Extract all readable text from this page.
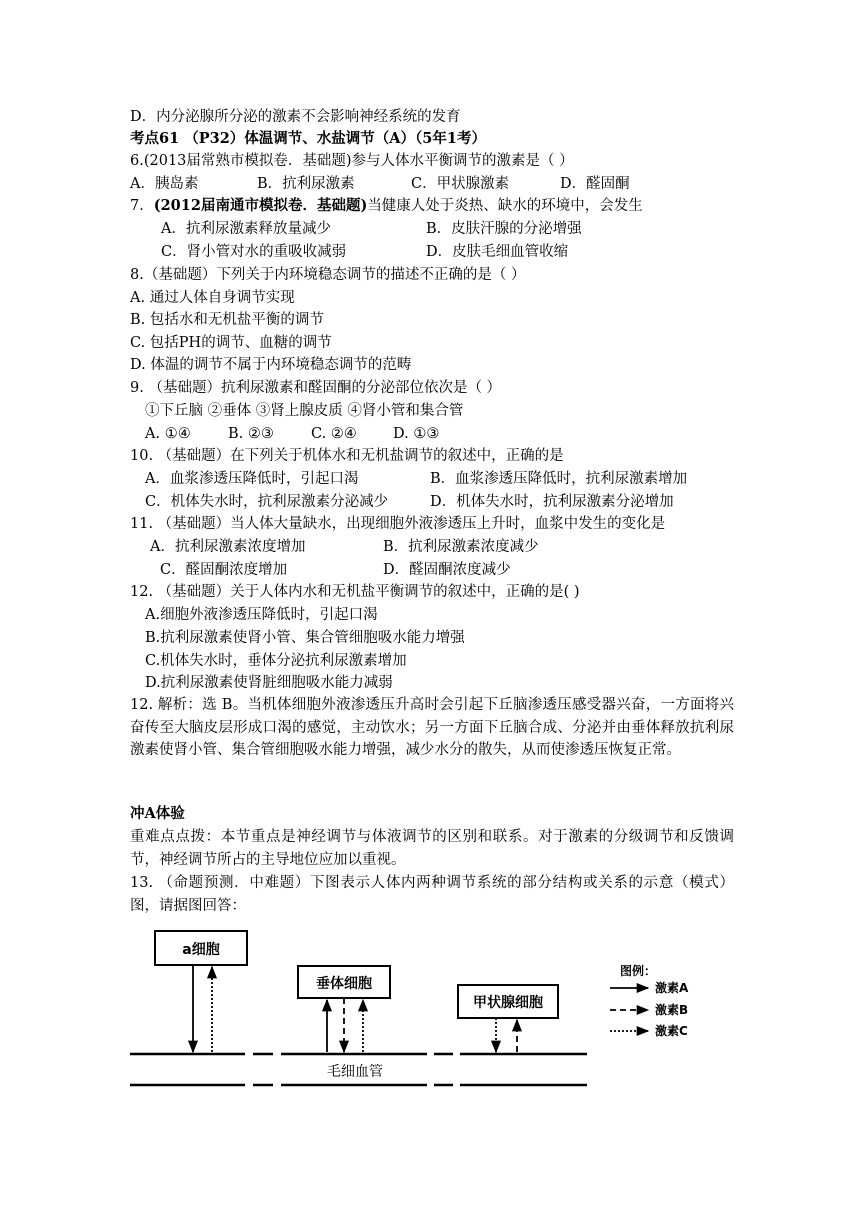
D．内分泌腺所分泌的激素不会影响神经系统的发育
考点61 （P32）体温调节、水盐调节（A）（5年1考）
6.(2013届常熟市模拟卷．基础题)参与人体水平衡调节的激素是（ ）
A．胰岛素	B．抗利尿激素	C．甲状腺激素	D．醛固酮
7．(2012届南通市模拟卷．基础题)当健康人处于炎热、缺水的环境中，会发生
A．抗利尿激素释放量减少	B．皮肤汗腺的分泌增强
C．肾小管对水的重吸收减弱	D．皮肤毛细血管收缩
8.（基础题）下列关于内环境稳态调节的描述不正确的是（ ）
A. 通过人体自身调节实现
B. 包括水和无机盐平衡的调节
C. 包括PH的调节、血糖的调节
D. 体温的调节不属于内环境稳态调节的范畴
9. （基础题）抗利尿激素和醛固酮的分泌部位依次是（ ）
①下丘脑 ②垂体 ③肾上腺皮质 ④肾小管和集合管
A. ①④	B. ②③	C. ②④ D. ①③
10. （基础题）在下列关于机体水和无机盐调节的叙述中，正确的是
A．血浆渗透压降低时，引起口渴	B．血浆渗透压降低时，抗利尿激素增加
C．机体失水时，抗利尿激素分泌减少	D．机体失水时，抗利尿激素分泌增加
11. （基础题）当人体大量缺水，出现细胞外液渗透压上升时，血浆中发生的变化是
A．抗利尿激素浓度增加	B．抗利尿激素浓度减少
C．醛固酮浓度增加	D．醛固酮浓度减少
12. （基础题）关于人体内水和无机盐平衡调节的叙述中，正确的是( )
A.细胞外液渗透压降低时，引起口渴
B.抗利尿激素使肾小管、集合管细胞吸水能力增强
C.机体失水时，垂体分泌抗利尿激素增加
D.抗利尿激素使肾脏细胞吸水能力减弱
12. 解析：选 B。当机体细胞外液渗透压升高时会引起下丘脑渗透压感受器兴奋，一方面将兴奋传至大脑皮层形成口渴的感觉，主动饮水；另一方面下丘脑合成、分泌并由垂体释放抗利尿激素使肾小管、集合管细胞吸水能力增强，减少水分的散失，从而使渗透压恢复正常。
冲A体验
重难点点拨：本节重点是神经调节与体液调节的区别和联系。对于激素的分级调节和反馈调节，神经调节所占的主导地位应加以重视。
13. （命题预测．中难题）下图表示人体内两种调节系统的部分结构或关系的示意（模式）图，请据图回答：
a细胞
垂体细胞
甲状腺细胞
毛细血管
图例：
激素A
激素B
激素C
